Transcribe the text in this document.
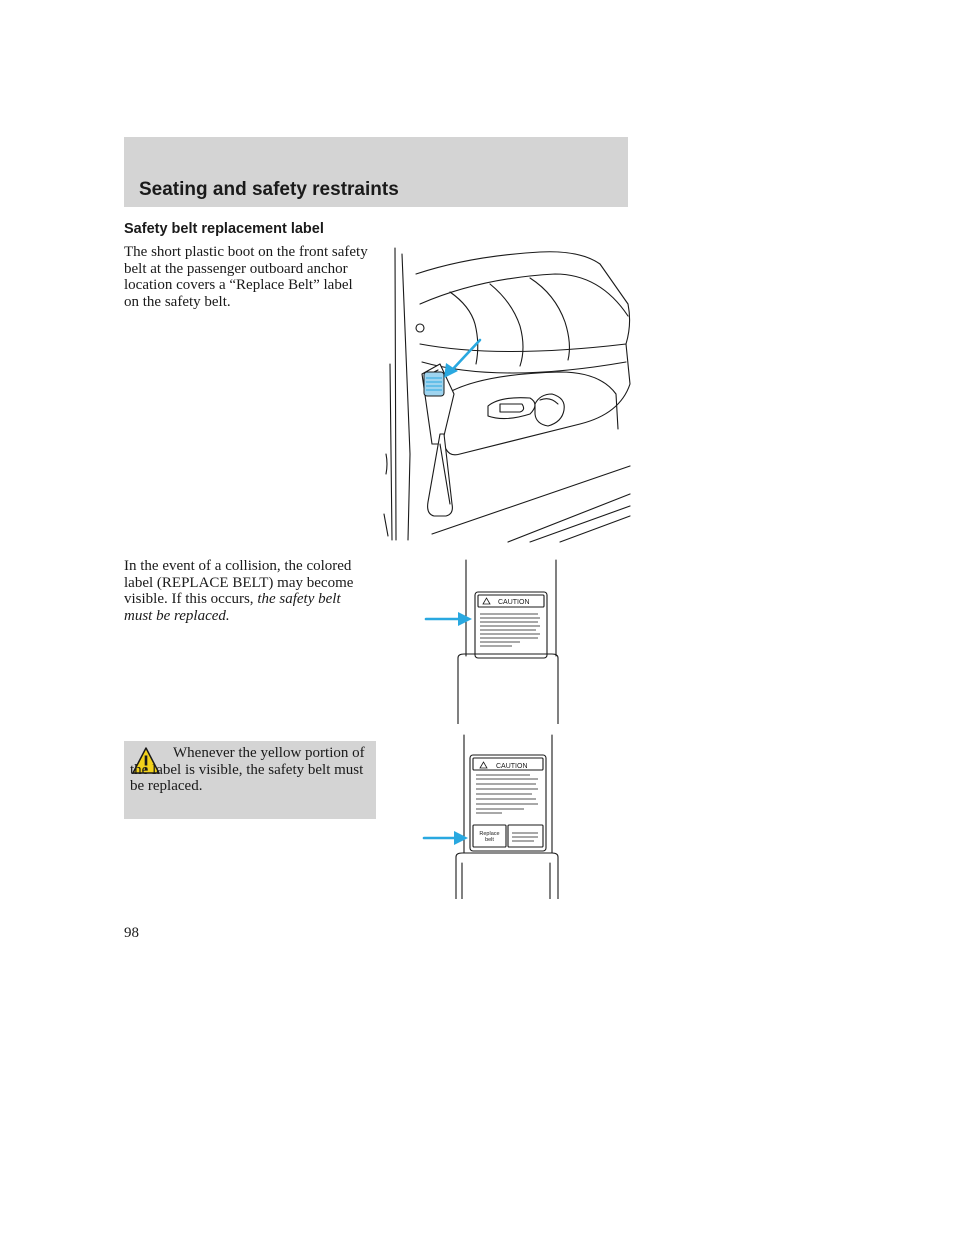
Seating and safety restraints
Safety belt replacement label

The short plastic boot on the front safety belt at the passenger outboard anchor location covers a “Replace Belt” label on the safety belt.

In the event of a collision, the colored label (REPLACE BELT) may become visible. If this occurs, the safety belt must be replaced.

Whenever the yellow portion of the label is visible, the safety belt must be replaced.

CAUTION
CAUTION
Replace
belt
98
